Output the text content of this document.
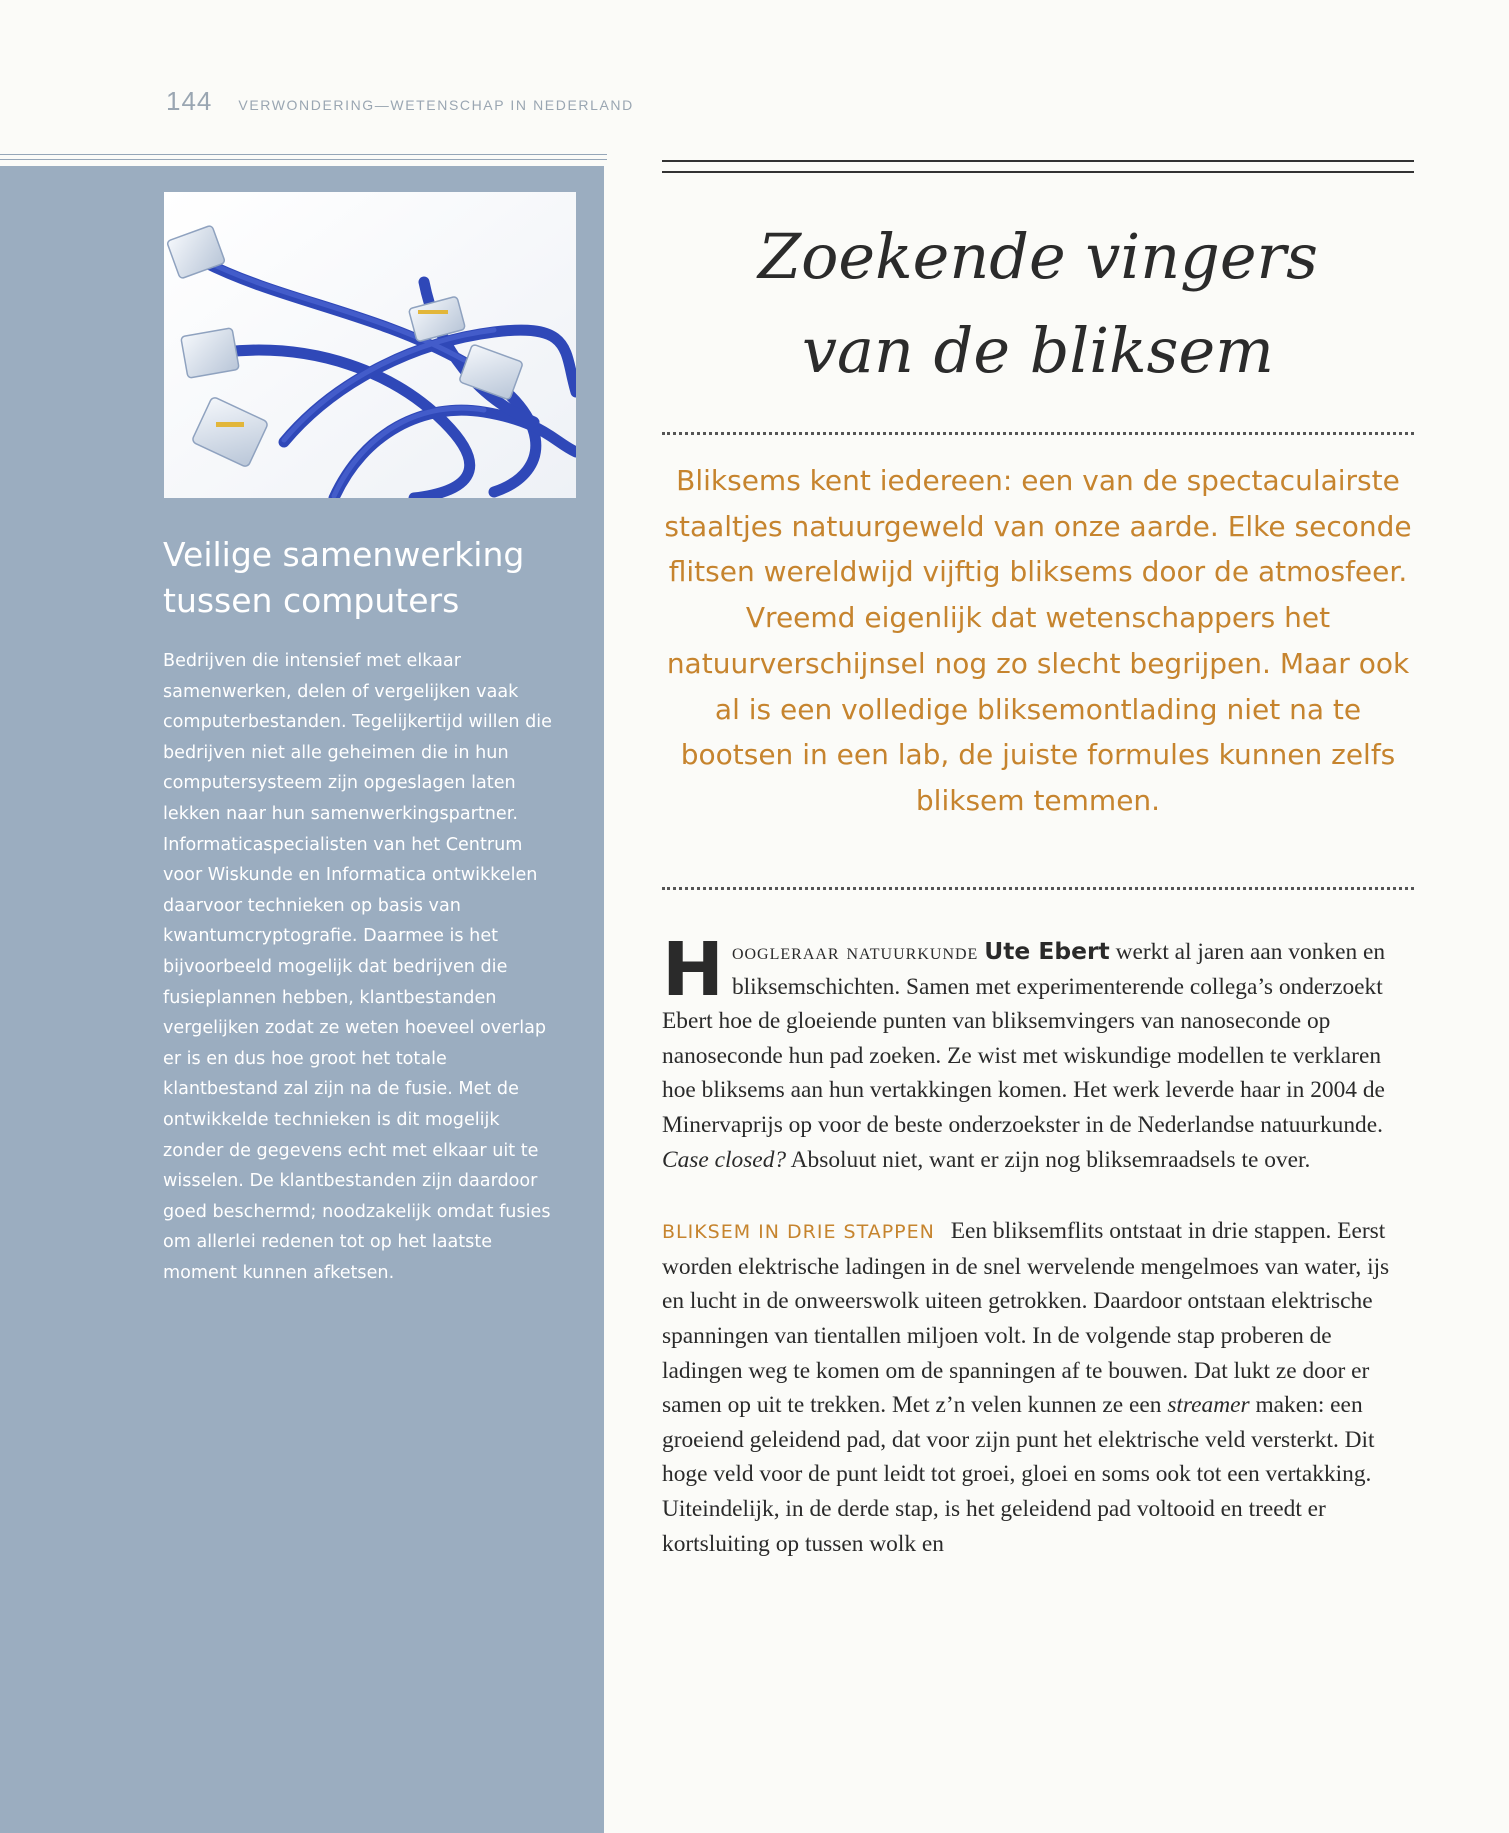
144 VERWONDERING—WETENSCHAP IN NEDERLAND
Veilige samenwerking tussen computers

Bedrijven die intensief met elkaar samenwerken, delen of vergelijken vaak computerbestanden. Tegelijkertijd willen die bedrijven niet alle geheimen die in hun computersysteem zijn opgeslagen laten lekken naar hun samenwerkingspartner. Informaticaspecialisten van het Centrum voor Wiskunde en Informatica ontwikkelen daarvoor technieken op basis van kwantumcryptografie. Daarmee is het bijvoorbeeld mogelijk dat bedrijven die fusieplannen hebben, klantbestanden vergelijken zodat ze weten hoeveel overlap er is en dus hoe groot het totale klantbestand zal zijn na de fusie. Met de ontwikkelde technieken is dit mogelijk zonder de gegevens echt met elkaar uit te wisselen. De klantbestanden zijn daardoor goed beschermd; noodzakelijk omdat fusies om allerlei redenen tot op het laatste moment kunnen afketsen.

Zoekende vingers
van de bliksem

Bliksems kent iedereen: een van de spectaculairste staaltjes natuurgeweld van onze aarde. Elke seconde flitsen wereldwijd vijftig bliksems door de atmosfeer. Vreemd eigenlijk dat wetenschappers het natuurverschijnsel nog zo slecht begrijpen. Maar ook al is een volledige bliksemontlading niet na te bootsen in een lab, de juiste formules kunnen zelfs bliksem temmen.

H oogleraar natuurkunde Ute Ebert werkt al jaren aan vonken en bliksemschichten. Samen met experimenterende collega’s onderzoekt Ebert hoe de gloeiende punten van bliksemvingers van nanoseconde op nanoseconde hun pad zoeken. Ze wist met wiskundige modellen te verklaren hoe bliksems aan hun vertakkingen komen. Het werk leverde haar in 2004 de Minervaprijs op voor de beste onderzoekster in de Nederlandse natuurkunde. Case closed? Absoluut niet, want er zijn nog bliksemraadsels te over.

BLIKSEM IN DRIE STAPPEN Een bliksemflits ontstaat in drie stappen. Eerst worden elektrische ladingen in de snel wervelende mengelmoes van water, ijs en lucht in de onweerswolk uiteen getrokken. Daardoor ontstaan elektrische spanningen van tientallen miljoen volt. In de volgende stap proberen de ladingen weg te komen om de spanningen af te bouwen. Dat lukt ze door er samen op uit te trekken. Met z’n velen kunnen ze een streamer maken: een groeiend geleidend pad, dat voor zijn punt het elektrische veld versterkt. Dit hoge veld voor de punt leidt tot groei, gloei en soms ook tot een vertakking. Uiteindelijk, in de derde stap, is het geleidend pad voltooid en treedt er kortsluiting op tussen wolk en
